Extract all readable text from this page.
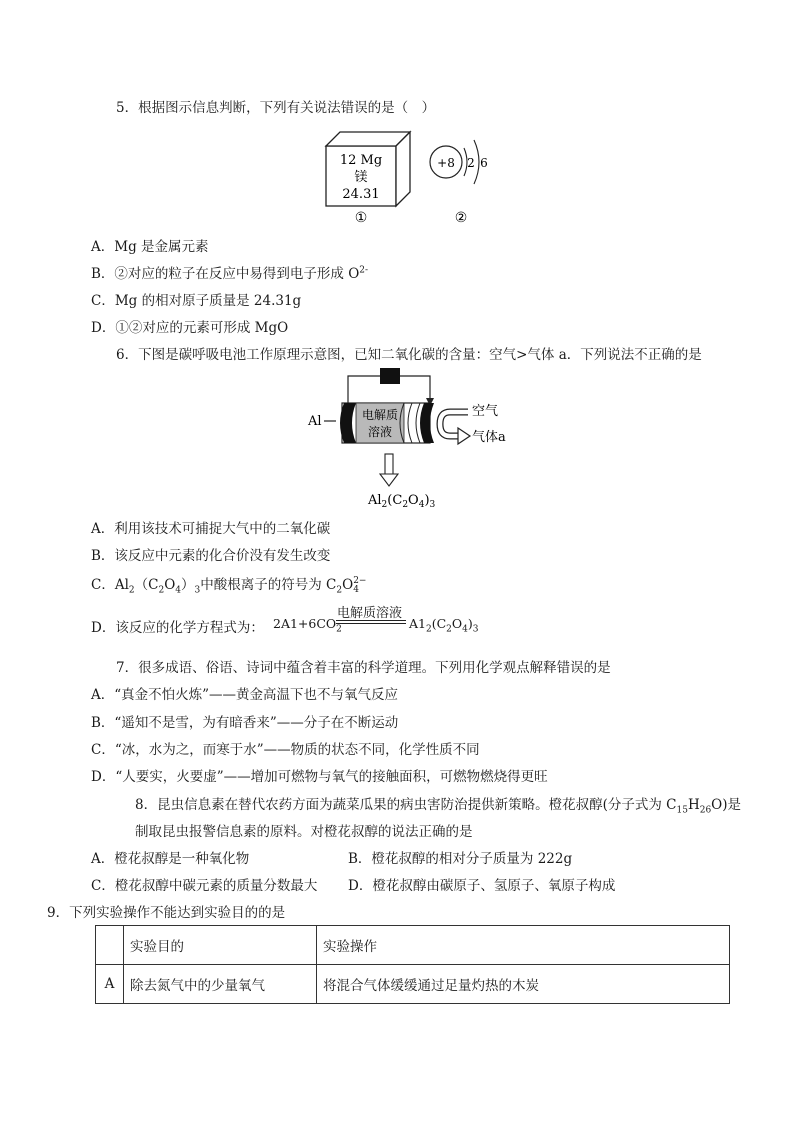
5．根据图示信息判断，下列有关说法错误的是（　）
12 Mg
镁
24.31
①
+8 2 6
②
A．Mg 是金属元素
B．②对应的粒子在反应中易得到电子形成 $O^{2-}$
C．Mg 的相对原子质量是 24.31g
D．①②对应的元素可形成 MgO
6．下图是碳呼吸电池工作原理示意图，已知二氧化碳的含量：空气>气体 a．下列说法不正确的是
Al	电解质
溶液
空气
气体a
$Al_2(C_2O_4)_3$
A．利用该技术可捕捉大气中的二氧化碳
B．该反应中元素的化合价没有发生改变
C．$Al_2(C_2O_4)_3$中酸根离子的符号为 $C_2O$ 2−
4
D．该反应的化学方程式为： $2A1+6CO_2$
电解质溶液
$A1_2(C_2O_4)_3$
7．很多成语、俗语、诗词中蕴含着丰富的科学道理。下列用化学观点解释错误的是
A．“真金不怕火炼”——黄金高温下也不与氧气反应
B．“遥知不是雪，为有暗香来”——分子在不断运动
C．“冰，水为之，而寒于水”——物质的状态不同，化学性质不同
D．“人要实，火要虚”——增加可燃物与氧气的接触面积，可燃物燃烧得更旺
8．昆虫信息素在替代农药方面为蔬菜瓜果的病虫害防治提供新策略。橙花叔醇(分子式为 $C_{15}H_{26}O$)是
制取昆虫报警信息素的原料。对橙花叔醇的说法正确的是
A．橙花叔醇是一种氧化物	B．橙花叔醇的相对分子质量为 222g
C．橙花叔醇中碳元素的质量分数最大 D．橙花叔醇由碳原子、氢原子、氧原子构成
9．下列实验操作不能达到实验目的的是
	实验目的	实验操作
A	除去氮气中的少量氧气	将混合气体缓缓通过足量灼热的木炭
